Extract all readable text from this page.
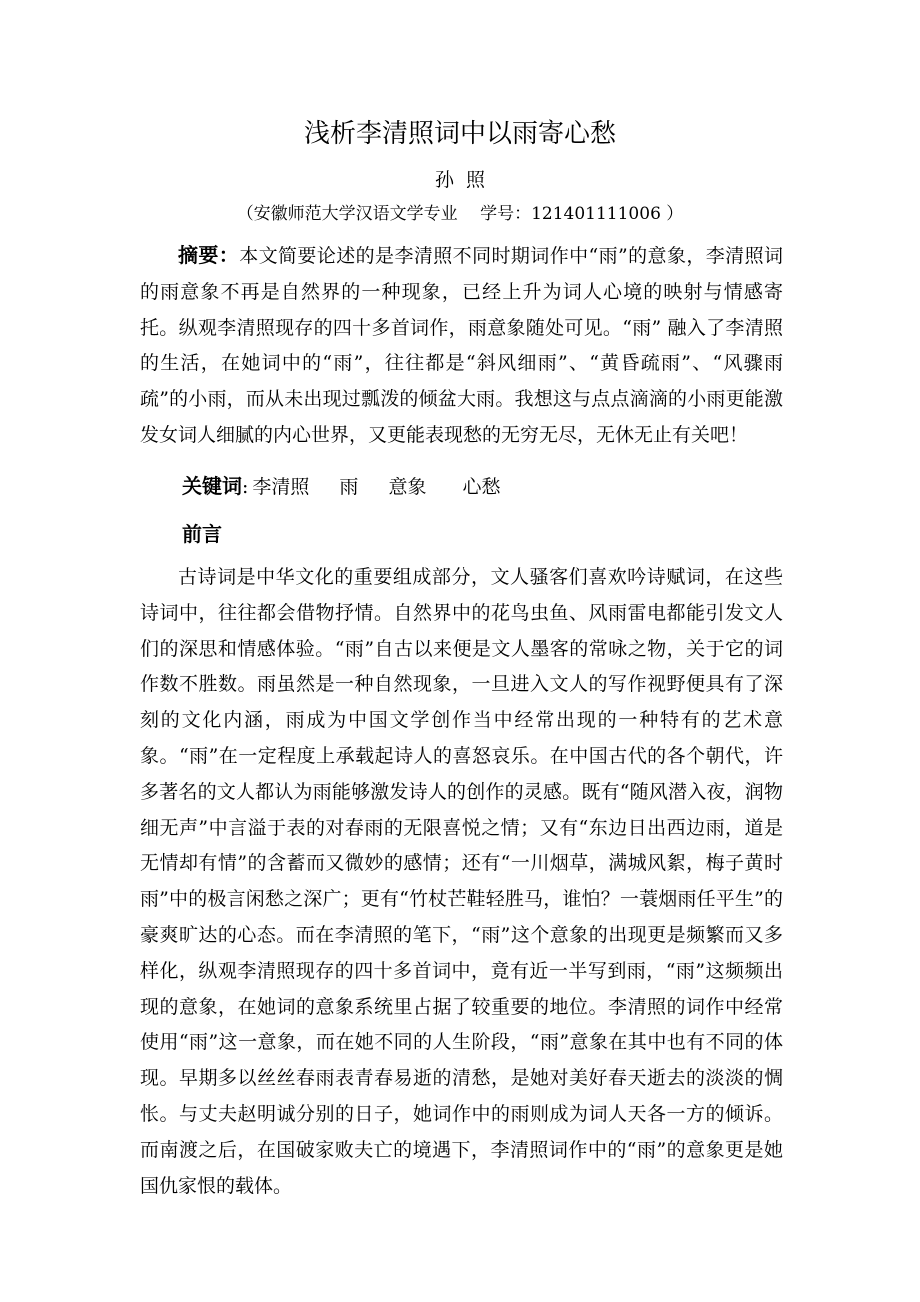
浅析李清照词中以雨寄心愁
孙  照
（安徽师范大学汉语文学专业　 学号：121401111006 ）

摘要：本文简要论述的是李清照不同时期词作中“雨”的意象，李清照词的雨意象不再是自然界的一种现象，已经上升为词人心境的映射与情感寄托。纵观李清照现存的四十多首词作，雨意象随处可见。“雨” 融入了李清照的生活，在她词中的“雨”，往往都是“斜风细雨”、“黄昏疏雨”、“风骤雨疏”的小雨，而从未出现过瓢泼的倾盆大雨。我想这与点点滴滴的小雨更能激发女词人细腻的内心世界，又更能表现愁的无穷无尽，无休无止有关吧！

关键词: 李清照 雨 意象 心愁
前言

古诗词是中华文化的重要组成部分，文人骚客们喜欢吟诗赋词，在这些诗词中，往往都会借物抒情。自然界中的花鸟虫鱼、风雨雷电都能引发文人们的深思和情感体验。“雨”自古以来便是文人墨客的常咏之物，关于它的词作数不胜数。雨虽然是一种自然现象，一旦进入文人的写作视野便具有了深刻的文化内涵，雨成为中国文学创作当中经常出现的一种特有的艺术意象。“雨”在一定程度上承载起诗人的喜怒哀乐。在中国古代的各个朝代，许多著名的文人都认为雨能够激发诗人的创作的灵感。既有“随风潜入夜，润物细无声”中言溢于表的对春雨的无限喜悦之情；又有“东边日出西边雨，道是无情却有情”的含蓄而又微妙的感情；还有“一川烟草，满城风絮，梅子黄时雨”中的极言闲愁之深广；更有“竹杖芒鞋轻胜马，谁怕？一蓑烟雨任平生”的豪爽旷达的心态。而在李清照的笔下，“雨”这个意象的出现更是频繁而又多样化，纵观李清照现存的四十多首词中，竟有近一半写到雨，“雨”这频频出现的意象，在她词的意象系统里占据了较重要的地位。李清照的词作中经常使用“雨”这一意象，而在她不同的人生阶段，“雨”意象在其中也有不同的体现。早期多以丝丝春雨表青春易逝的清愁，是她对美好春天逝去的淡淡的惆怅。与丈夫赵明诚分别的日子，她词作中的雨则成为词人天各一方的倾诉。而南渡之后，在国破家败夫亡的境遇下，李清照词作中的“雨”的意象更是她国仇家恨的载体。
